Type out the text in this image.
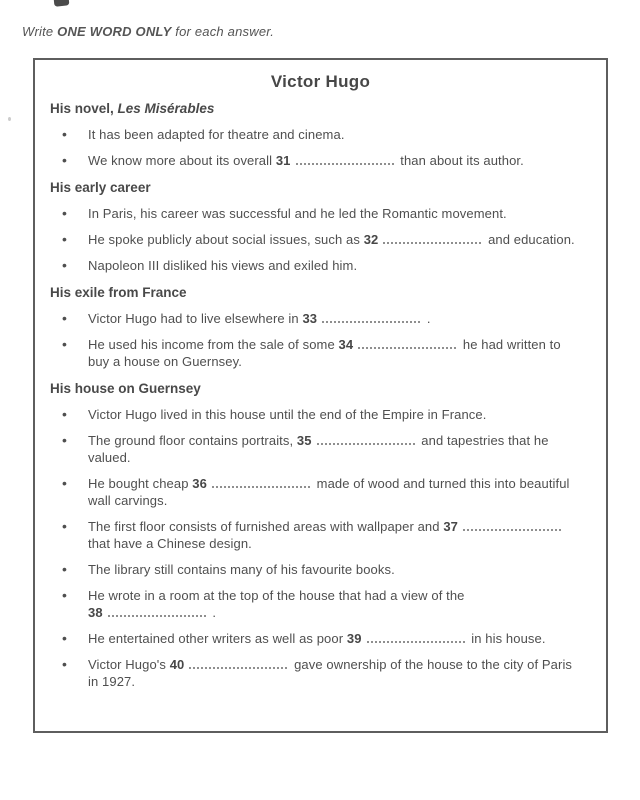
Write ONE WORD ONLY for each answer.
Victor Hugo
His novel, Les Misérables
•	It has been adapted for theatre and cinema.
•	We know more about its overall 31	than about its author.
His early career
•	In Paris, his career was successful and he led the Romantic movement.
•	He spoke publicly about social issues, such as 32	and education.
•	Napoleon III disliked his views and exiled him.
His exile from France
•	Victor Hugo had to live elsewhere in 33	.
•	He used his income from the sale of some 34	he had written to
buy a house on Guernsey.
His house on Guernsey
•	Victor Hugo lived in this house until the end of the Empire in France.
•	The ground floor contains portraits, 35	and tapestries that he
valued.
•	He bought cheap 36	made of wood and turned this into beautiful
wall carvings.
•	The first floor consists of furnished areas with wallpaper and 37
that have a Chinese design.
•	The library still contains many of his favourite books.
•	He wrote in a room at the top of the house that had a view of the
38	.
•	He entertained other writers as well as poor 39	in his house.
•	Victor Hugo's 40	gave ownership of the house to the city of Paris
in 1927.
